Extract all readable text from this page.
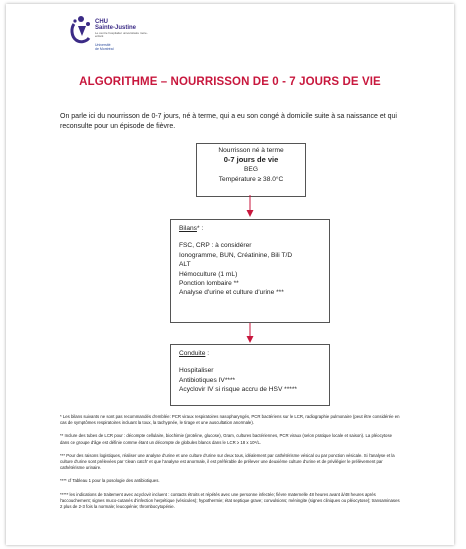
CHU
Sainte-Justine
Le centre hospitalier universitaire mère-enfant
Université
de Montréal
ALGORITHME – NOURRISSON DE 0 - 7 JOURS DE VIE
On parle ici du nourrisson de 0-7 jours, né à terme, qui a eu son congé à domicile suite à sa naissance et qui reconsulte pour un épisode de fièvre.
Nourrisson né à terme
0-7 jours de vie
BEG
Température ≥ 38.0°C
Bilans* :
FSC, CRP : à considérer
Ionogramme, BUN, Créatinine, Bili T/D
ALT
Hémoculture (1 mL)
Ponction lombaire **
Analyse d'urine et culture d'urine ***
Conduite :
Hospitaliser
Antibiotiques IV****
Acyclovir IV si risque accru de HSV *****

* Les bilans suivants ne sont pas recommandés d'emblée: PCR viraux respiratoires nasopharyngés, PCR bactériens sur le LCR, radiographie pulmonaire (peut être considérée en cas de symptômes respiratoires incluant la toux, la tachypnée, le tirage et une auscultation anormale).

** Inclure des tubes de LCR pour : décompte cellulaire, biochimie (protéine, glucose), Gram, cultures bactériennes, PCR viraux (selon pratique locale et saison). La pléocytose dans ce groupe d'âge est définie comme étant un décompte de globules blancs dans le LCR ≥ 18 x 10⁶/L.

*** Pour des raisons logistiques, réaliser une analyse d'urine et une culture d'urine sur deux tous, idéalement par cathétérisme vésical ou par ponction vésicale. Si l'analyse et la culture d'urine sont prélevées par 'clean catch' et que l'analyse est anormale, il est préférable de prélever une deuxième culture d'urine et de privilégier le prélèvement par cathétérisme urinaire.

**** cf Tableau 1 pour la posologie des antibiotiques.

***** les indications de traitement avec acyclovir incluent : contacts étroits et répétés avec une personne infectée; fièvre maternelle 48 heures avant à/48 heures après l'accouchement; signes muco-cutanés d'infection herpétique (vésicules); hypothermie; état septique grave; convulsions; méningite (signes cliniques ou pléocytose); transaminases 2 plus de 2-3 fois la normale; leucopénie; thrombocytopénie.
